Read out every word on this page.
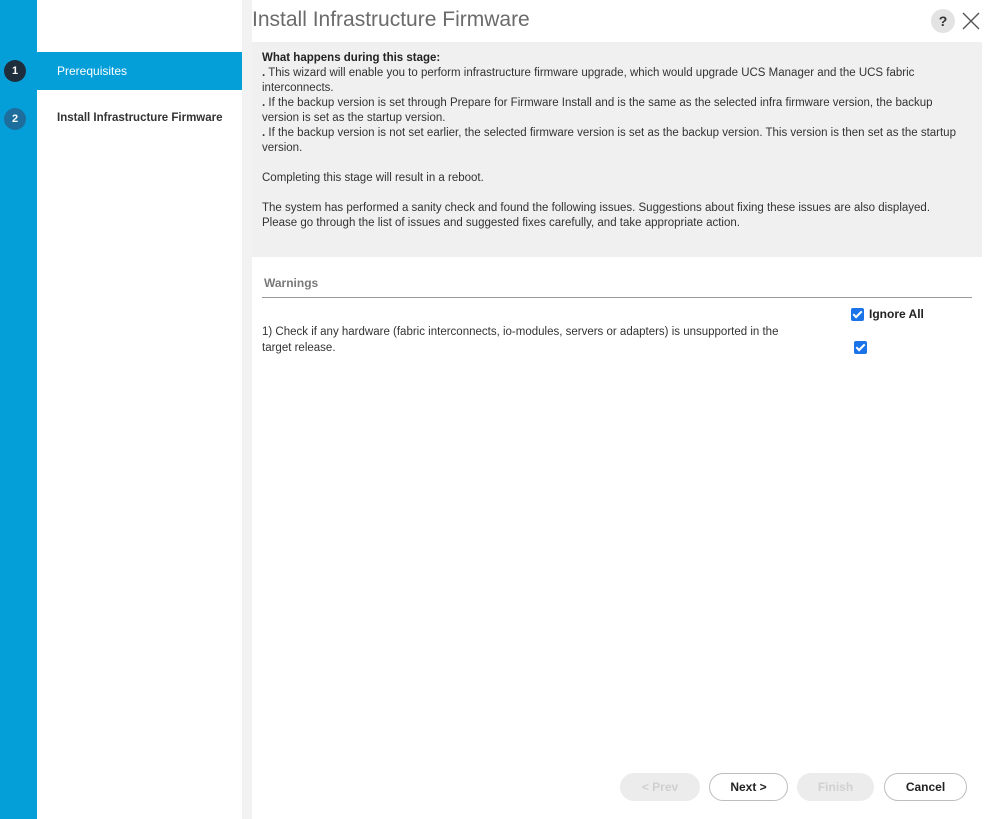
1	Prerequisites
2	Install Infrastructure Firmware
Install Infrastructure Firmware	?
What happens during this stage:
. This wizard will enable you to perform infrastructure firmware upgrade, which would upgrade UCS Manager and the UCS fabric interconnects.
. If the backup version is set through Prepare for Firmware Install and is the same as the selected infra firmware version, the backup version is set as the startup version.
. If the backup version is not set earlier, the selected firmware version is set as the backup version. This version is then set as the startup version.
Completing this stage will result in a reboot.
The system has performed a sanity check and found the following issues. Suggestions about fixing these issues are also displayed.
Please go through the list of issues and suggested fixes carefully, and take appropriate action.
Warnings
Ignore All
1) Check if any hardware (fabric interconnects, io-modules, servers or adapters) is unsupported in the target release.
< Prev	Next >	Finish	Cancel
